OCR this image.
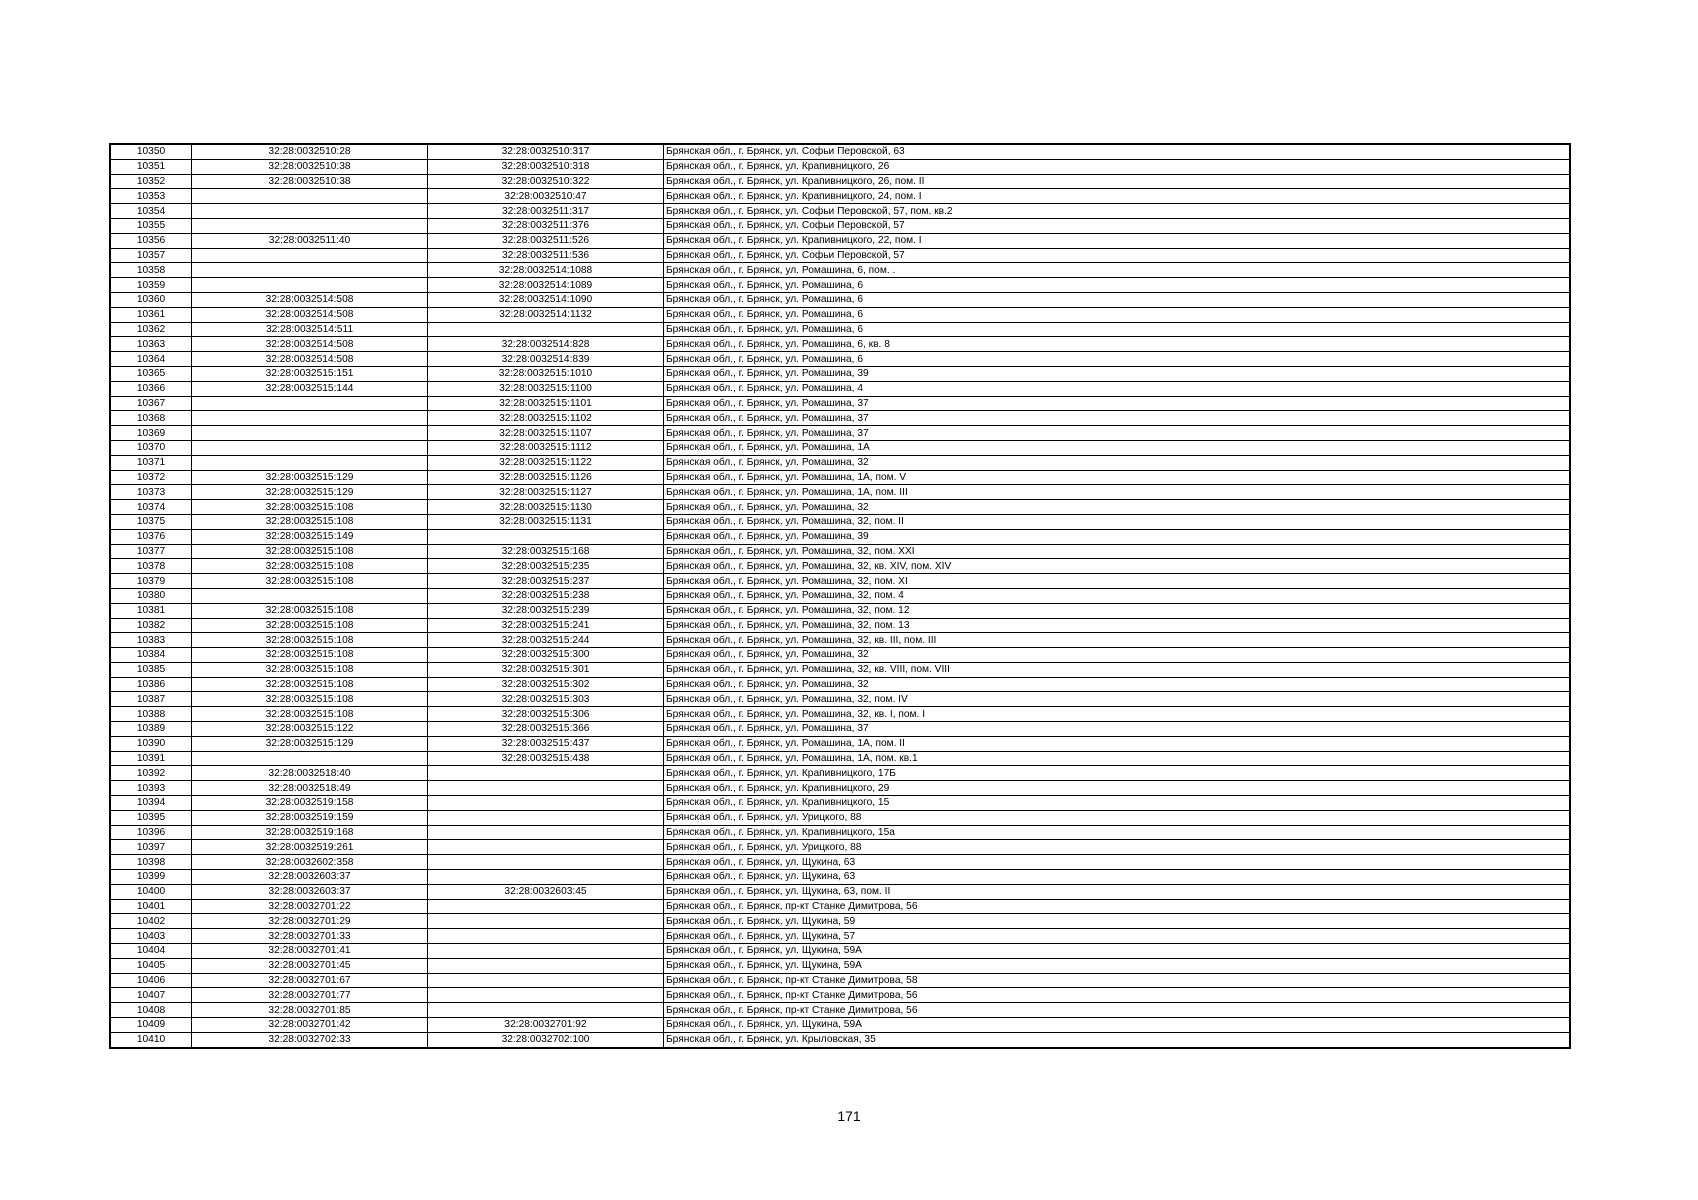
10350	32:28:0032510:28	32:28:0032510:317	Брянская обл., г. Брянск, ул. Софьи Перовской, 63
10351	32:28:0032510:38	32:28:0032510:318	Брянская обл., г. Брянск, ул. Крапивницкого, 26
10352	32:28:0032510:38	32:28:0032510:322	Брянская обл., г. Брянск, ул. Крапивницкого, 26, пом. II
10353		32:28:0032510:47	Брянская обл., г. Брянск, ул. Крапивницкого, 24, пом. I
10354		32:28:0032511:317	Брянская обл., г. Брянск, ул. Софьи Перовской, 57, пом. кв.2
10355		32:28:0032511:376	Брянская обл., г. Брянск, ул. Софьи Перовской, 57
10356	32:28:0032511:40	32:28:0032511:526	Брянская обл., г. Брянск, ул. Крапивницкого, 22, пом. I
10357		32:28:0032511:536	Брянская обл., г. Брянск, ул. Софьи Перовской, 57
10358		32:28:0032514:1088	Брянская обл., г. Брянск, ул. Ромашина, 6, пом. .
10359		32:28:0032514:1089	Брянская обл., г. Брянск, ул. Ромашина, 6
10360	32:28:0032514:508	32:28:0032514:1090	Брянская обл., г. Брянск, ул. Ромашина, 6
10361	32:28:0032514:508	32:28:0032514:1132	Брянская обл., г. Брянск, ул. Ромашина, 6
10362	32:28:0032514:511		Брянская обл., г. Брянск, ул. Ромашина, 6
10363	32:28:0032514:508	32:28:0032514:828	Брянская обл., г. Брянск, ул. Ромашина, 6, кв. 8
10364	32:28:0032514:508	32:28:0032514:839	Брянская обл., г. Брянск, ул. Ромашина, 6
10365	32:28:0032515:151	32:28:0032515:1010	Брянская обл., г. Брянск, ул. Ромашина, 39
10366	32:28:0032515:144	32:28:0032515:1100	Брянская обл., г. Брянск, ул. Ромашина, 4
10367		32:28:0032515:1101	Брянская обл., г. Брянск, ул. Ромашина, 37
10368		32:28:0032515:1102	Брянская обл., г. Брянск, ул. Ромашина, 37
10369		32:28:0032515:1107	Брянская обл., г. Брянск, ул. Ромашина, 37
10370		32:28:0032515:1112	Брянская обл., г. Брянск, ул. Ромашина, 1А
10371		32:28:0032515:1122	Брянская обл., г. Брянск, ул. Ромашина, 32
10372	32:28:0032515:129	32:28:0032515:1126	Брянская обл., г. Брянск, ул. Ромашина, 1А, пом. V
10373	32:28:0032515:129	32:28:0032515:1127	Брянская обл., г. Брянск, ул. Ромашина, 1А, пом. III
10374	32:28:0032515:108	32:28:0032515:1130	Брянская обл., г. Брянск, ул. Ромашина, 32
10375	32:28:0032515:108	32:28:0032515:1131	Брянская обл., г. Брянск, ул. Ромашина, 32, пом. II
10376	32:28:0032515:149		Брянская обл., г. Брянск, ул. Ромашина, 39
10377	32:28:0032515:108	32:28:0032515:168	Брянская обл., г. Брянск, ул. Ромашина, 32, пом. XXI
10378	32:28:0032515:108	32:28:0032515:235	Брянская обл., г. Брянск, ул. Ромашина, 32, кв. XIV, пом. XIV
10379	32:28:0032515:108	32:28:0032515:237	Брянская обл., г. Брянск, ул. Ромашина, 32, пом. XI
10380		32:28:0032515:238	Брянская обл., г. Брянск, ул. Ромашина, 32, пом. 4
10381	32:28:0032515:108	32:28:0032515:239	Брянская обл., г. Брянск, ул. Ромашина, 32, пом. 12
10382	32:28:0032515:108	32:28:0032515:241	Брянская обл., г. Брянск, ул. Ромашина, 32, пом. 13
10383	32:28:0032515:108	32:28:0032515:244	Брянская обл., г. Брянск, ул. Ромашина, 32, кв. III, пом. III
10384	32:28:0032515:108	32:28:0032515:300	Брянская обл., г. Брянск, ул. Ромашина, 32
10385	32:28:0032515:108	32:28:0032515:301	Брянская обл., г. Брянск, ул. Ромашина, 32, кв. VIII, пом. VIII
10386	32:28:0032515:108	32:28:0032515:302	Брянская обл., г. Брянск, ул. Ромашина, 32
10387	32:28:0032515:108	32:28:0032515:303	Брянская обл., г. Брянск, ул. Ромашина, 32, пом. IV
10388	32:28:0032515:108	32:28:0032515:306	Брянская обл., г. Брянск, ул. Ромашина, 32, кв. I, пом. I
10389	32:28:0032515:122	32:28:0032515:366	Брянская обл., г. Брянск, ул. Ромашина, 37
10390	32:28:0032515:129	32:28:0032515:437	Брянская обл., г. Брянск, ул. Ромашина, 1А, пом. II
10391		32:28:0032515:438	Брянская обл., г. Брянск, ул. Ромашина, 1А, пом. кв.1
10392	32:28:0032518:40		Брянская обл., г. Брянск, ул. Крапивницкого, 17Б
10393	32:28:0032518:49		Брянская обл., г. Брянск, ул. Крапивницкого, 29
10394	32:28:0032519:158		Брянская обл., г. Брянск, ул. Крапивницкого, 15
10395	32:28:0032519:159		Брянская обл., г. Брянск, ул. Урицкого, 88
10396	32:28:0032519:168		Брянская обл., г. Брянск, ул. Крапивницкого, 15а
10397	32:28:0032519:261		Брянская обл., г. Брянск, ул. Урицкого, 88
10398	32:28:0032602:358		Брянская обл., г. Брянск, ул. Щукина, 63
10399	32:28:0032603:37		Брянская обл., г. Брянск, ул. Щукина, 63
10400	32:28:0032603:37	32:28:0032603:45	Брянская обл., г. Брянск, ул. Щукина, 63, пом. II
10401	32:28:0032701:22		Брянская обл., г. Брянск, пр-кт Станке Димитрова, 56
10402	32:28:0032701:29		Брянская обл., г. Брянск, ул. Щукина, 59
10403	32:28:0032701:33		Брянская обл., г. Брянск, ул. Щукина, 57
10404	32:28:0032701:41		Брянская обл., г. Брянск, ул. Щукина, 59А
10405	32:28:0032701:45		Брянская обл., г. Брянск, ул. Щукина, 59А
10406	32:28:0032701:67		Брянская обл., г. Брянск, пр-кт Станке Димитрова, 58
10407	32:28:0032701:77		Брянская обл., г. Брянск, пр-кт Станке Димитрова, 56
10408	32:28:0032701:85		Брянская обл., г. Брянск, пр-кт Станке Димитрова, 56
10409	32:28:0032701:42	32:28:0032701:92	Брянская обл., г. Брянск, ул. Щукина, 59А
10410	32:28:0032702:33	32:28:0032702:100	Брянская обл., г. Брянск, ул. Крыловская, 35
171
